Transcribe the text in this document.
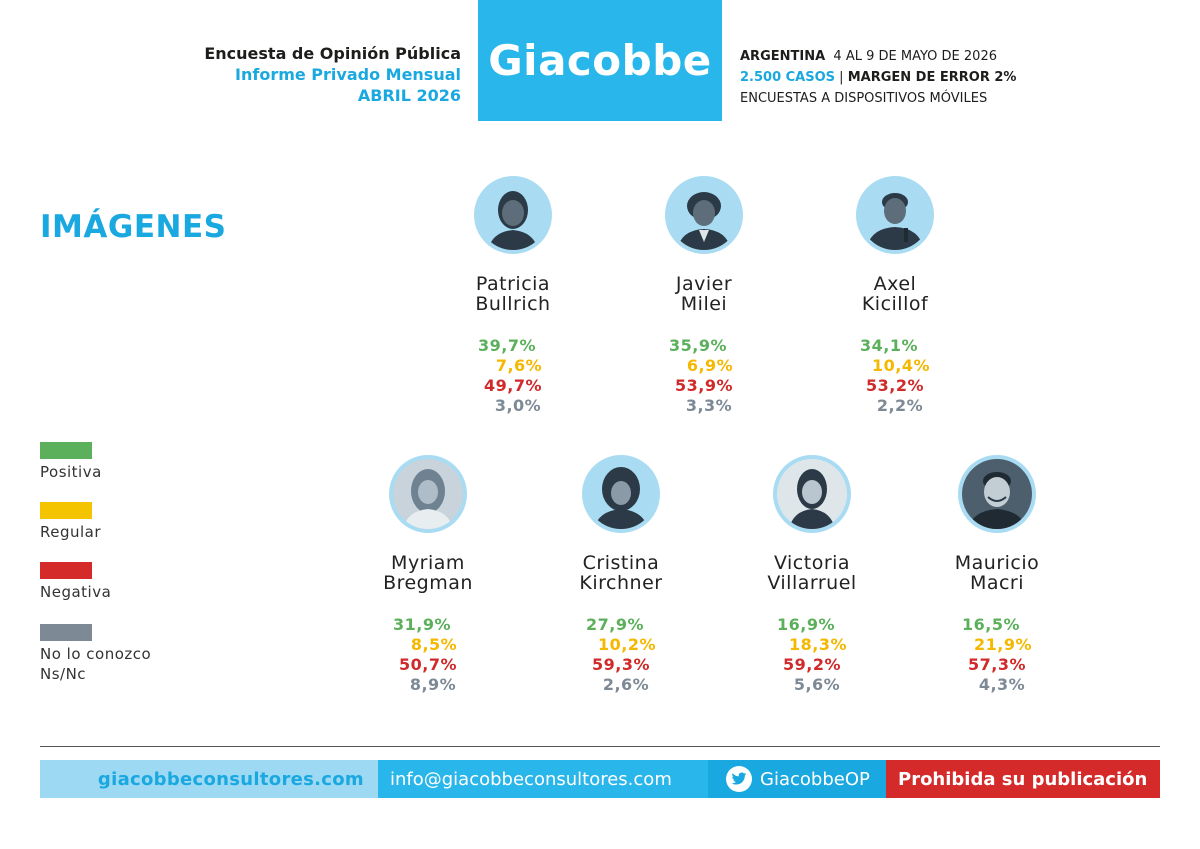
Encuesta de Opinión Pública
Informe Privado Mensual
ABRIL 2026
Giacobbe	ARGENTINA 4 AL 9 DE MAYO DE 2026
2.500 CASOS | MARGEN DE ERROR 2%
ENCUESTAS A DISPOSITIVOS MÓVILES
IMÁGENES
Positiva
Regular
Negativa
No lo conozco
Ns/Nc
Patricia
Bullrich
39,7%
7,6%
49,7%
3,0%
Javier
Milei
35,9%
6,9%
53,9%
3,3%
Axel
Kicillof
34,1%
10,4%
53,2%
2,2%
Myriam
Bregman
31,9%
8,5%
50,7%
8,9%
Cristina
Kirchner
27,9%
10,2%
59,3%
2,6%
Victoria
Villarruel
16,9%
18,3%
59,2%
5,6%
Mauricio
Macri
16,5%
21,9%
57,3%
4,3%
giacobbeconsultores.com	info@giacobbeconsultores.com	GiacobbeOP	Prohibida su publicación
